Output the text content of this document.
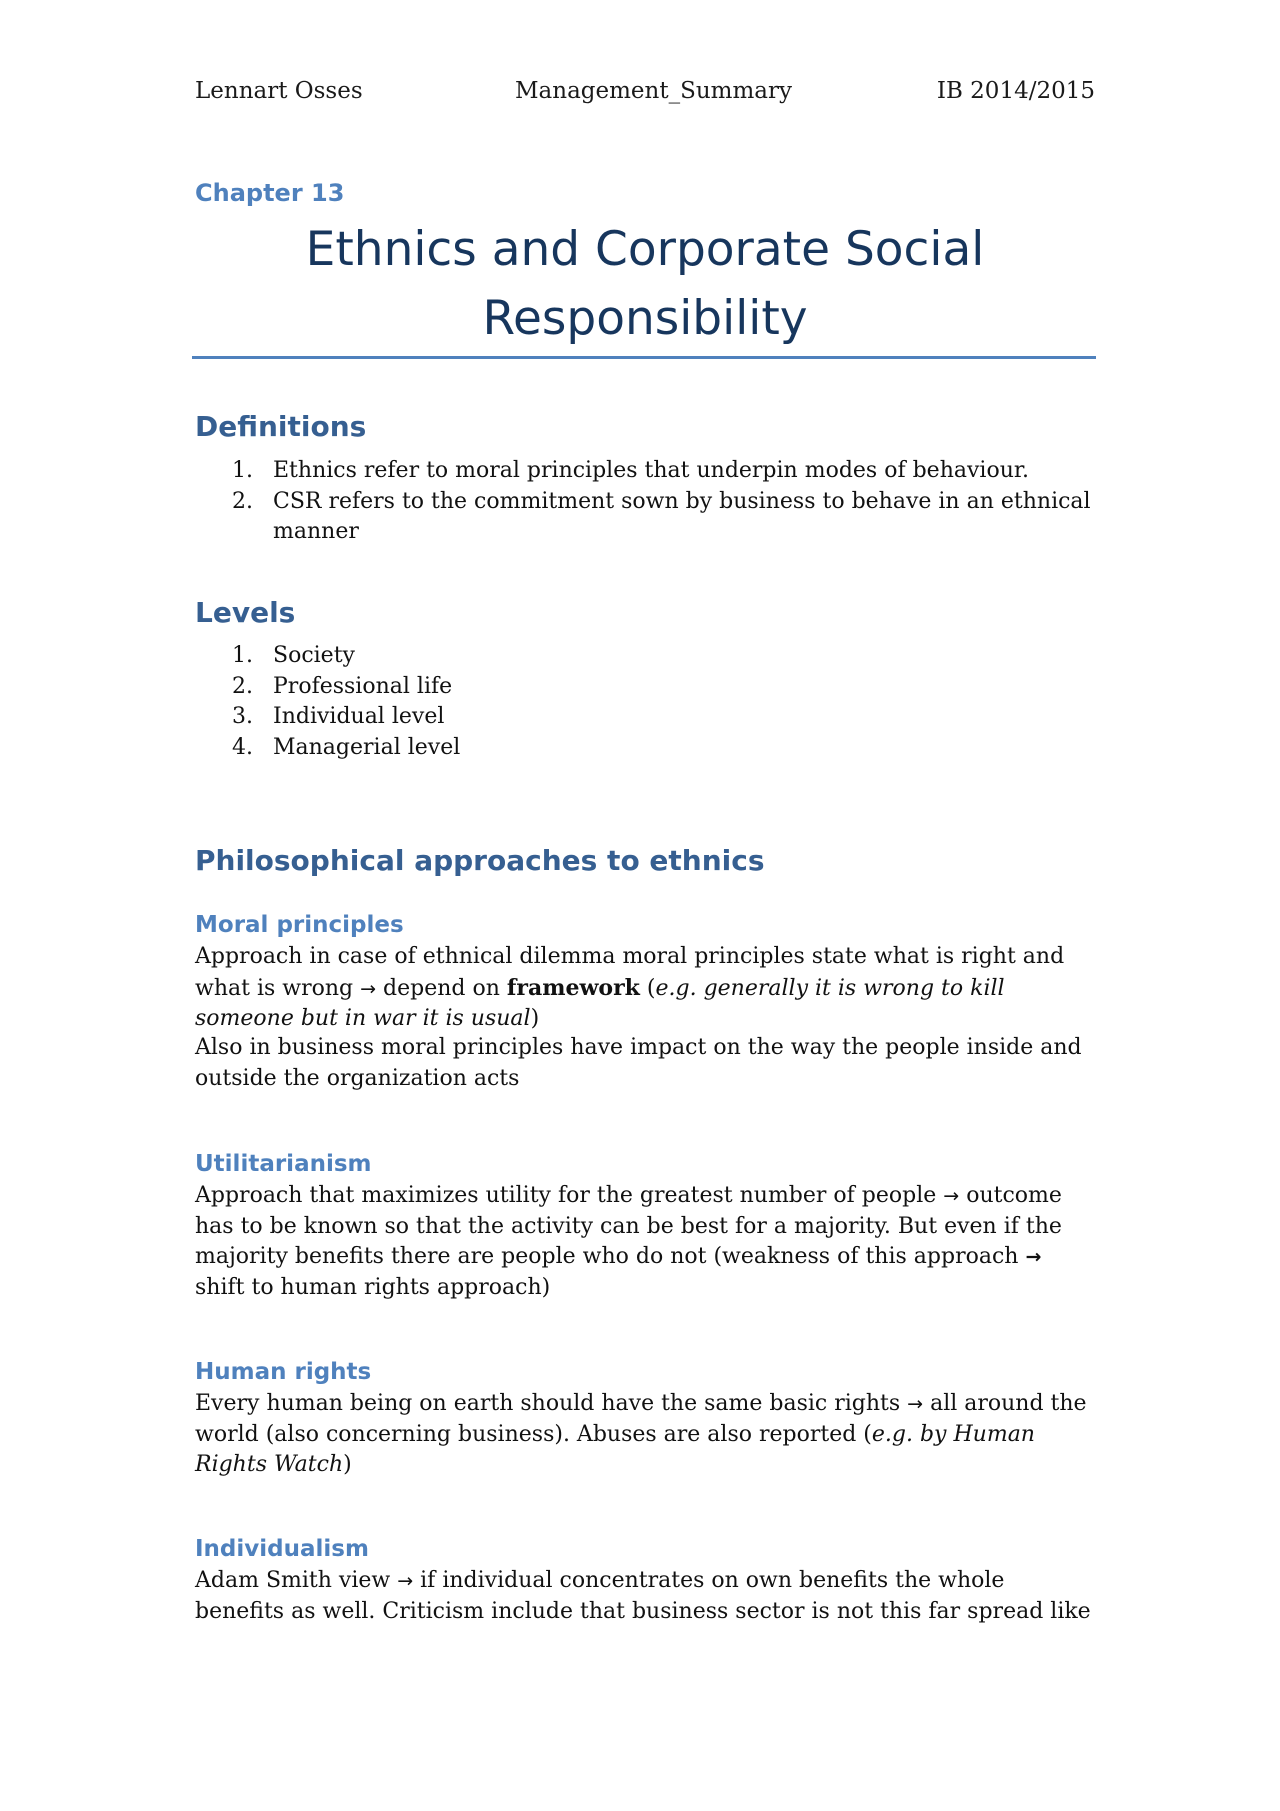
Lennart Osses	Management_Summary	IB 2014/2015
Chapter 13
Ethnics and Corporate Social
Responsibility
Definitions
1. Ethnics refer to moral principles that underpin modes of behaviour.
2. CSR refers to the commitment sown by business to behave in an ethnical manner
Levels
1. Society
2. Professional life
3. Individual level
4. Managerial level
Philosophical approaches to ethnics
Moral principles

Approach in case of ethnical dilemma moral principles state what is right and what is wrong → depend on framework (e.g. generally it is wrong to kill someone but in war it is usual)

Also in business moral principles have impact on the way the people inside and outside the organization acts

Utilitarianism

Approach that maximizes utility for the greatest number of people → outcome has to be known so that the activity can be best for a majority. But even if the majority benefits there are people who do not (weakness of this approach → shift to human rights approach)

Human rights

Every human being on earth should have the same basic rights → all around the world (also concerning business). Abuses are also reported (e.g. by Human Rights Watch)

Individualism

Adam Smith view → if individual concentrates on own benefits the whole benefits as well. Criticism include that business sector is not this far spread like
